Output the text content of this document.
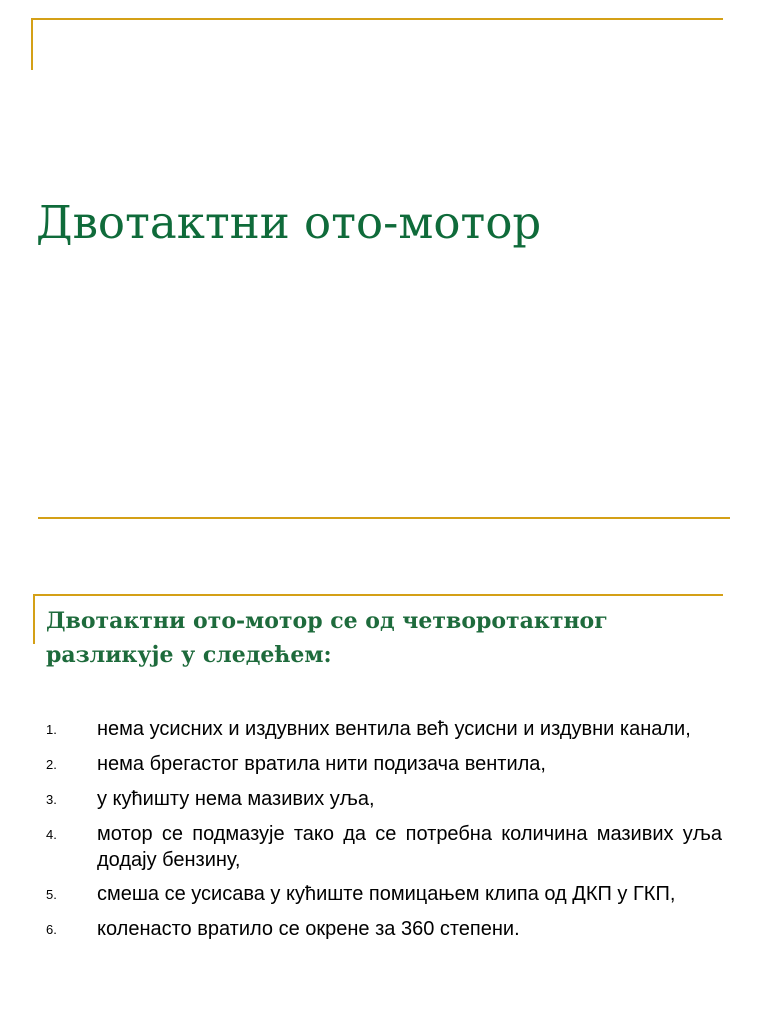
Двотактни ото-мотор
Двотактни ото-мотор се од четворотактног разликује у следећем:
1.	нема усисних и издувних вентила већ усисни и издувни канали,
2.	нема брегастог вратила нити подизача вентила,
3.	у кућишту нема мазивих уља,
4.	мотор се подмазује тако да се потребна количина мазивих уља додају бензину,
5.	смеша се усисава у кућиште помицањем клипа од ДКП у ГКП,
6.	коленасто вратило се окрене за 360 степени.
